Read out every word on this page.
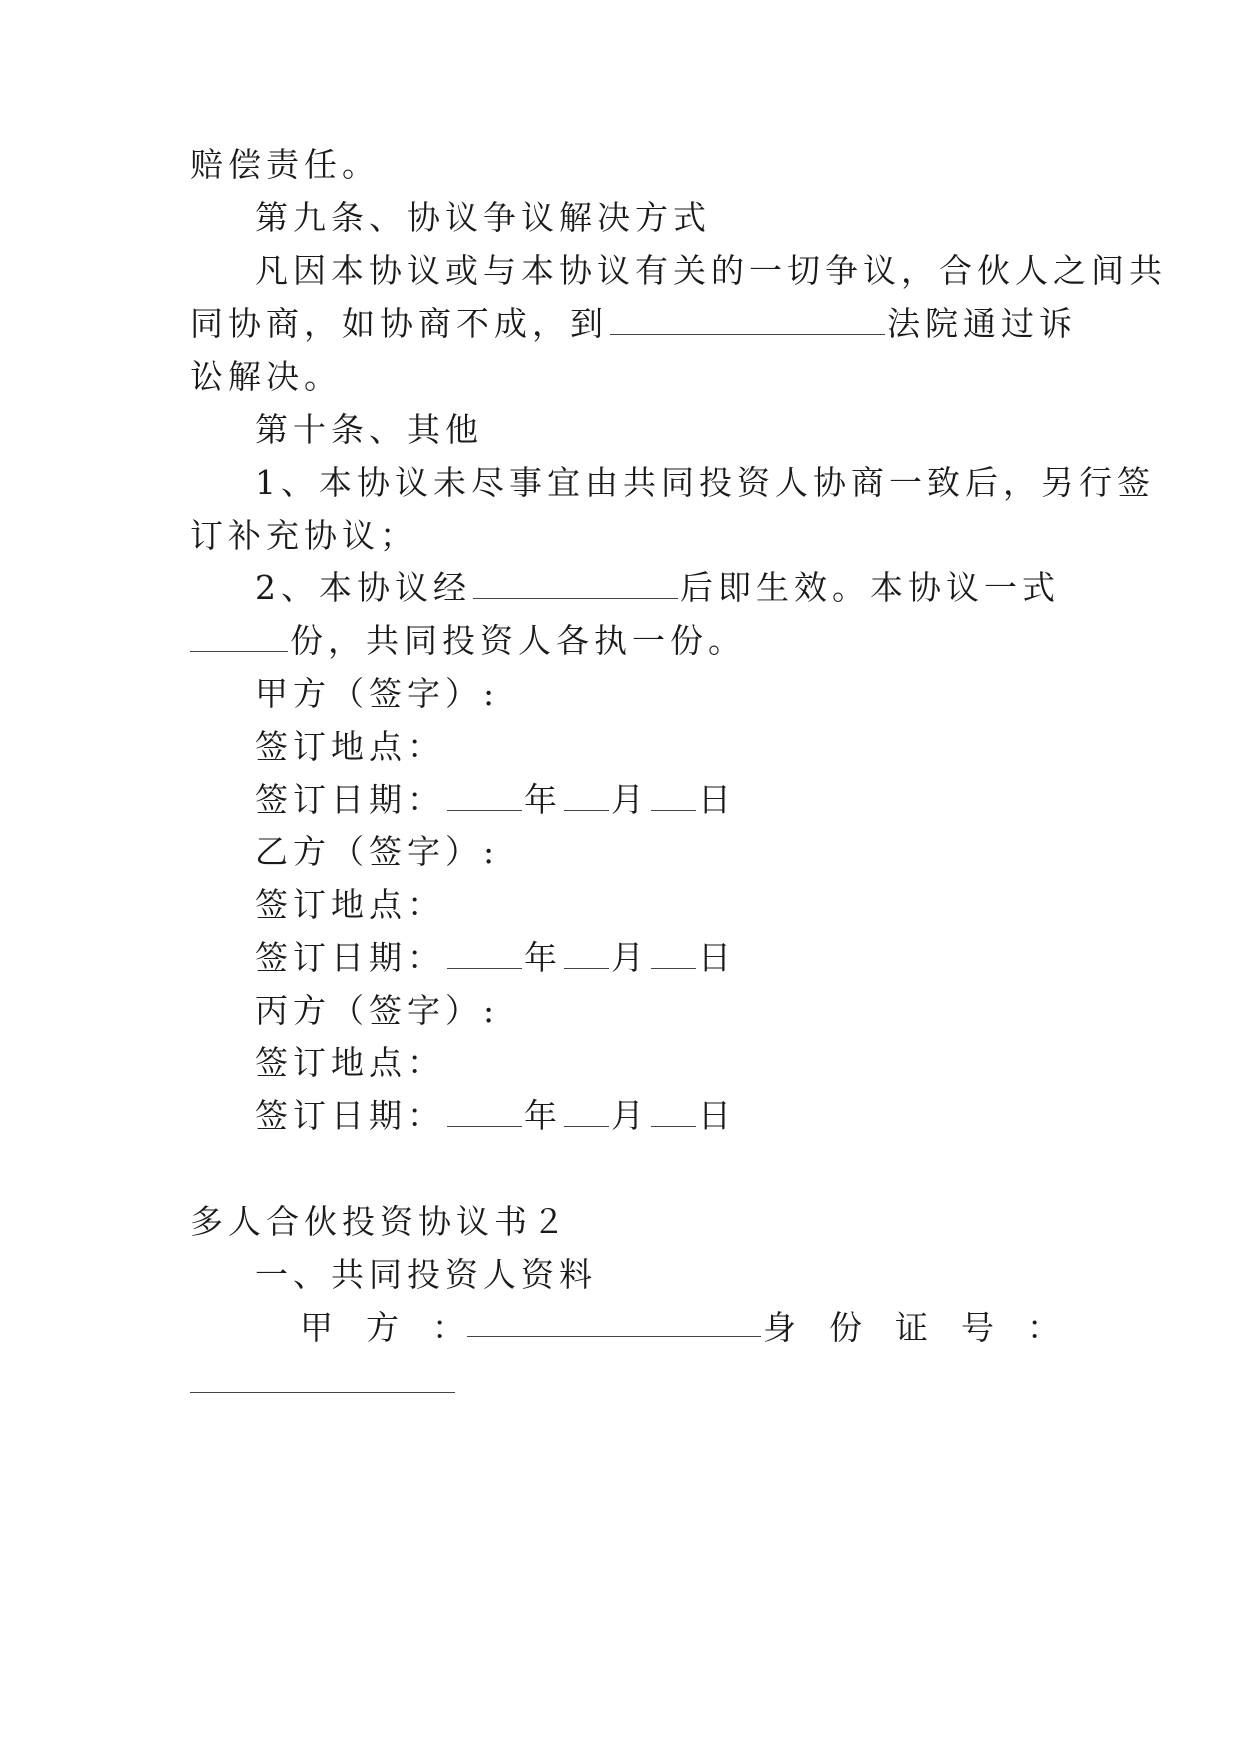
赔偿责任。
第九条、协议争议解决方式
凡因本协议或与本协议有关的一切争议，合伙人之间共
同协商，如协商不成，到	法院通过诉
讼解决。
第十条、其他
1、本协议未尽事宜由共同投资人协商一致后，另行签
订补充协议；
2、本协议经	后即生效。本协议一式
份，共同投资人各执一份。
甲方（签字）:
签订地点：
签订日期： 年 月 日
乙方（签字）:
签订地点：
签订日期： 年 月 日
丙方（签字）:
签订地点：
签订日期： 年 月 日
多人合伙投资协议书２
一、共同投资人资料
甲　方　：	身　份　证　号　：
